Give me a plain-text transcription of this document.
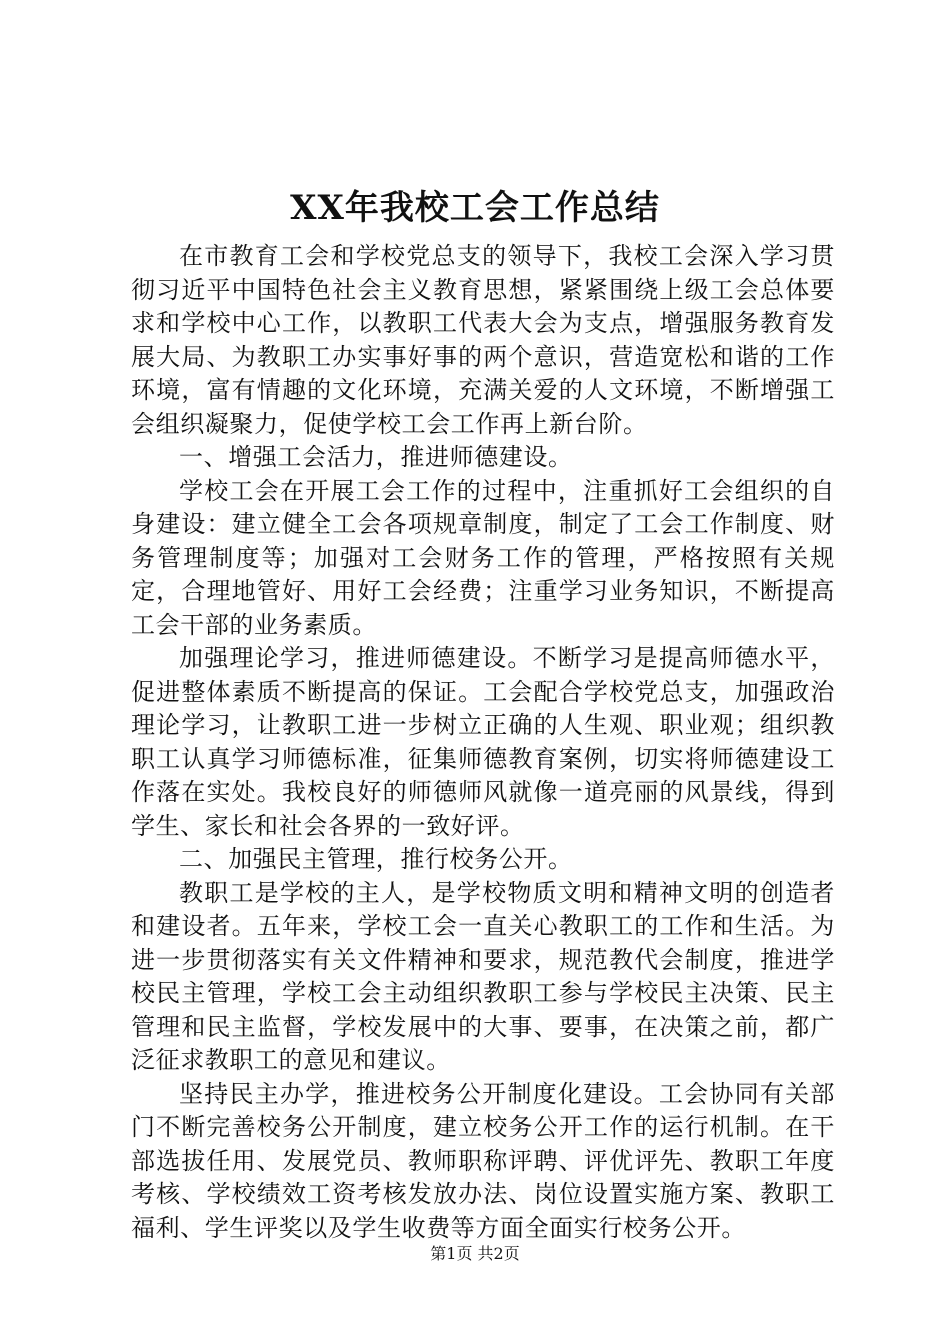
XX年我校工会工作总结

在市教育工会和学校党总支的领导下，我校工会深入学习贯彻习近平中国特色社会主义教育思想，紧紧围绕上级工会总体要求和学校中心工作，以教职工代表大会为支点，增强服务教育发展大局、为教职工办实事好事的两个意识，营造宽松和谐的工作环境，富有情趣的文化环境，充满关爱的人文环境，不断增强工会组织凝聚力，促使学校工会工作再上新台阶。

一、增强工会活力，推进师德建设。

学校工会在开展工会工作的过程中，注重抓好工会组织的自身建设：建立健全工会各项规章制度，制定了工会工作制度、财务管理制度等；加强对工会财务工作的管理，严格按照有关规定，合理地管好、用好工会经费；注重学习业务知识，不断提高工会干部的业务素质。

加强理论学习，推进师德建设。不断学习是提高师德水平，促进整体素质不断提高的保证。工会配合学校党总支，加强政治理论学习，让教职工进一步树立正确的人生观、职业观；组织教职工认真学习师德标准，征集师德教育案例，切实将师德建设工作落在实处。我校良好的师德师风就像一道亮丽的风景线，得到学生、家长和社会各界的一致好评。

二、加强民主管理，推行校务公开。

教职工是学校的主人，是学校物质文明和精神文明的创造者和建设者。五年来，学校工会一直关心教职工的工作和生活。为进一步贯彻落实有关文件精神和要求，规范教代会制度，推进学校民主管理，学校工会主动组织教职工参与学校民主决策、民主管理和民主监督，学校发展中的大事、要事，在决策之前，都广泛征求教职工的意见和建议。

坚持民主办学，推进校务公开制度化建设。工会协同有关部门不断完善校务公开制度，建立校务公开工作的运行机制。在干部选拔任用、发展党员、教师职称评聘、评优评先、教职工年度考核、学校绩效工资考核发放办法、岗位设置实施方案、教职工福利、学生评奖以及学生收费等方面全面实行校务公开。

第1页 共2页
